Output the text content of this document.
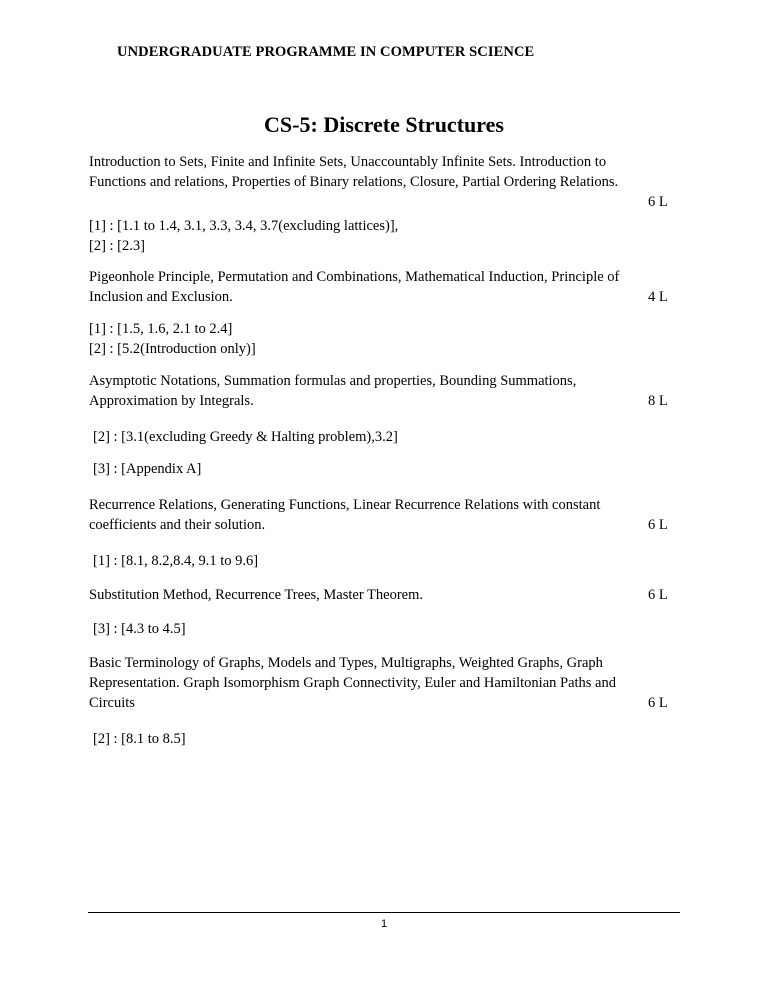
UNDERGRADUATE PROGRAMME IN COMPUTER SCIENCE
CS-5: Discrete Structures
Introduction to Sets, Finite and Infinite Sets, Unaccountably Infinite Sets. Introduction to
Functions and relations, Properties of Binary relations, Closure, Partial Ordering Relations.
6 L
[1] : [1.1 to 1.4, 3.1, 3.3, 3.4, 3.7(excluding lattices)],
[2] : [2.3]
Pigeonhole Principle, Permutation and Combinations, Mathematical Induction, Principle of
Inclusion and Exclusion.	4 L
[1] : [1.5, 1.6, 2.1 to 2.4]
[2] : [5.2(Introduction only)]
Asymptotic Notations, Summation formulas and properties, Bounding Summations,
Approximation by Integrals.	8 L
[2] : [3.1(excluding Greedy & Halting problem),3.2]
[3] : [Appendix A]
Recurrence Relations, Generating Functions, Linear Recurrence Relations with constant
coefficients and their solution.	6 L
[1] : [8.1, 8.2,8.4, 9.1 to 9.6]
Substitution Method, Recurrence Trees, Master Theorem.	6 L
[3] : [4.3 to 4.5]
Basic Terminology of Graphs, Models and Types, Multigraphs, Weighted Graphs, Graph
Representation. Graph Isomorphism Graph Connectivity, Euler and Hamiltonian Paths and
Circuits	6 L
[2] : [8.1 to 8.5]
1
